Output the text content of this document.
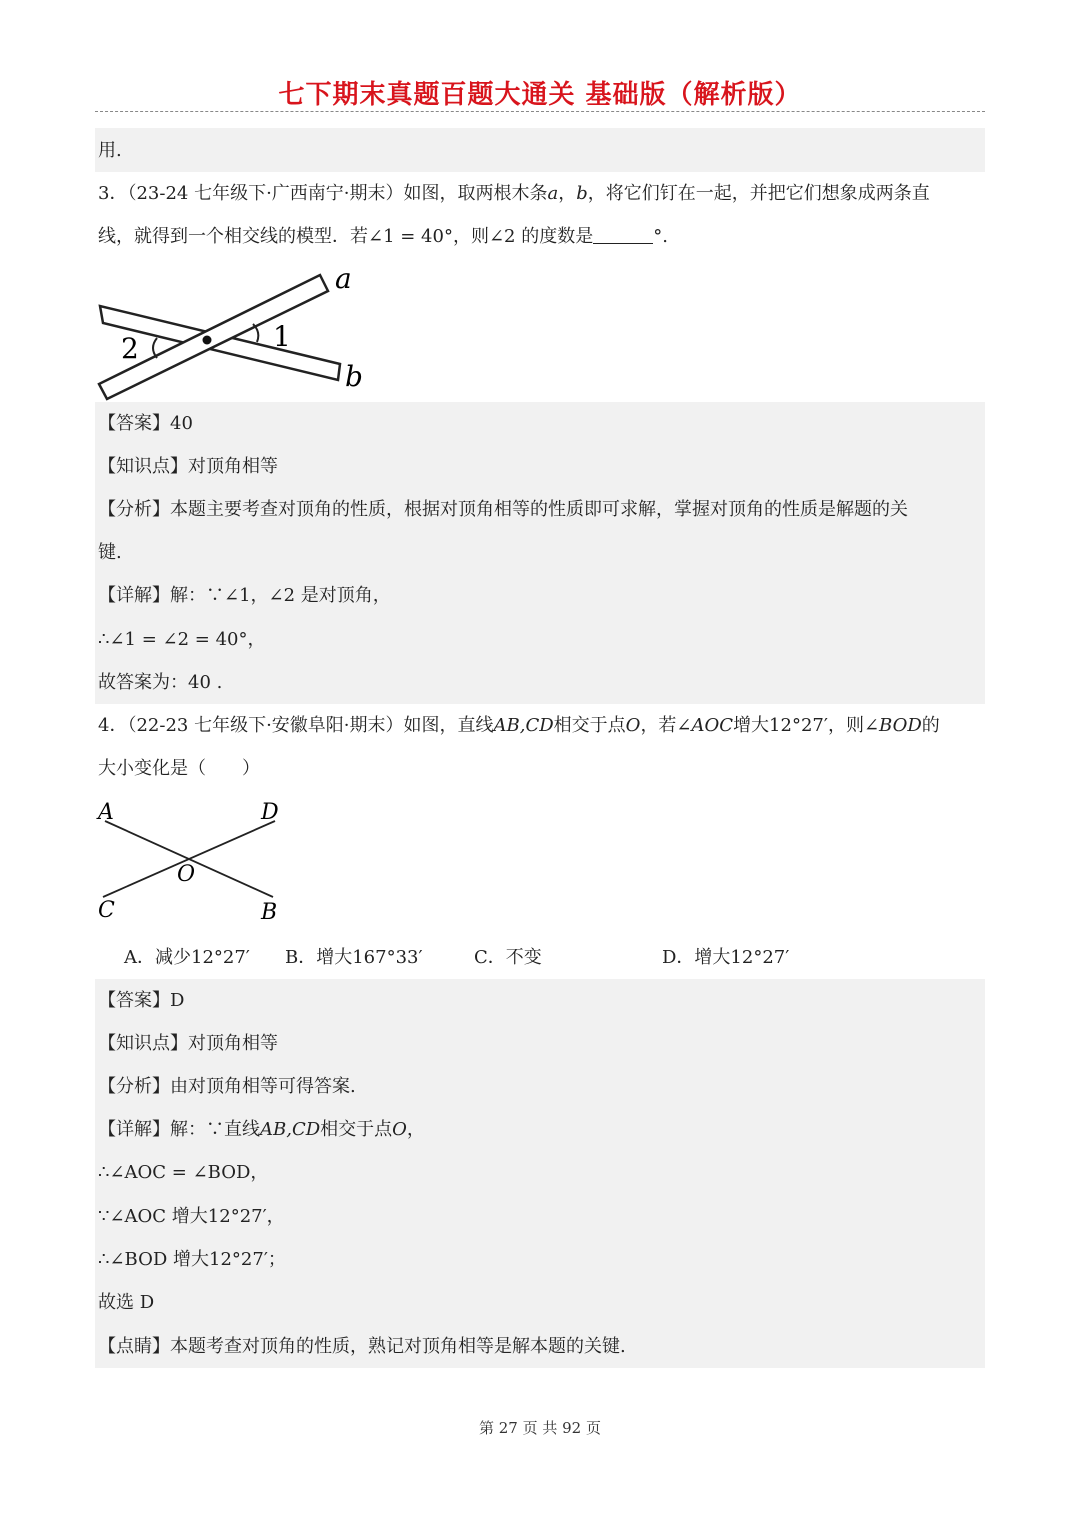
七下期末真题百题大通关 基础版（解析版）
用.
3．（23-24 七年级下·广西南宁·期末）如图，取两根木条a，b，将它们钉在一起，并把它们想象成两条直
线，就得到一个相交线的模型．若∠1 = 40°，则∠2 的度数是	°.
a
b
1
2
【答案】40
【知识点】对顶角相等
【分析】本题主要考查对顶角的性质，根据对顶角相等的性质即可求解，掌握对顶角的性质是解题的关
键.
【详解】解：∵∠1，∠2 是对顶角，
∴∠1 = ∠2 = 40°，
故答案为：40 .
4．（22-23 七年级下·安徽阜阳·期末）如图，直线AB,CD相交于点O，若∠AOC增大12°27′，则∠BOD的
大小变化是（　　）
A	D
C	B
O
A．减少12°27′ B．增大167°33′	C．不变	D．增大12°27′
【答案】D
【知识点】对顶角相等
【分析】由对顶角相等可得答案.
【详解】解：∵直线AB,CD相交于点O，
∴∠AOC = ∠BOD，
∵∠AOC 增大12°27′，
∴∠BOD 增大12°27′；
故选 D
【点睛】本题考查对顶角的性质，熟记对顶角相等是解本题的关键.
第 27 页 共 92 页
